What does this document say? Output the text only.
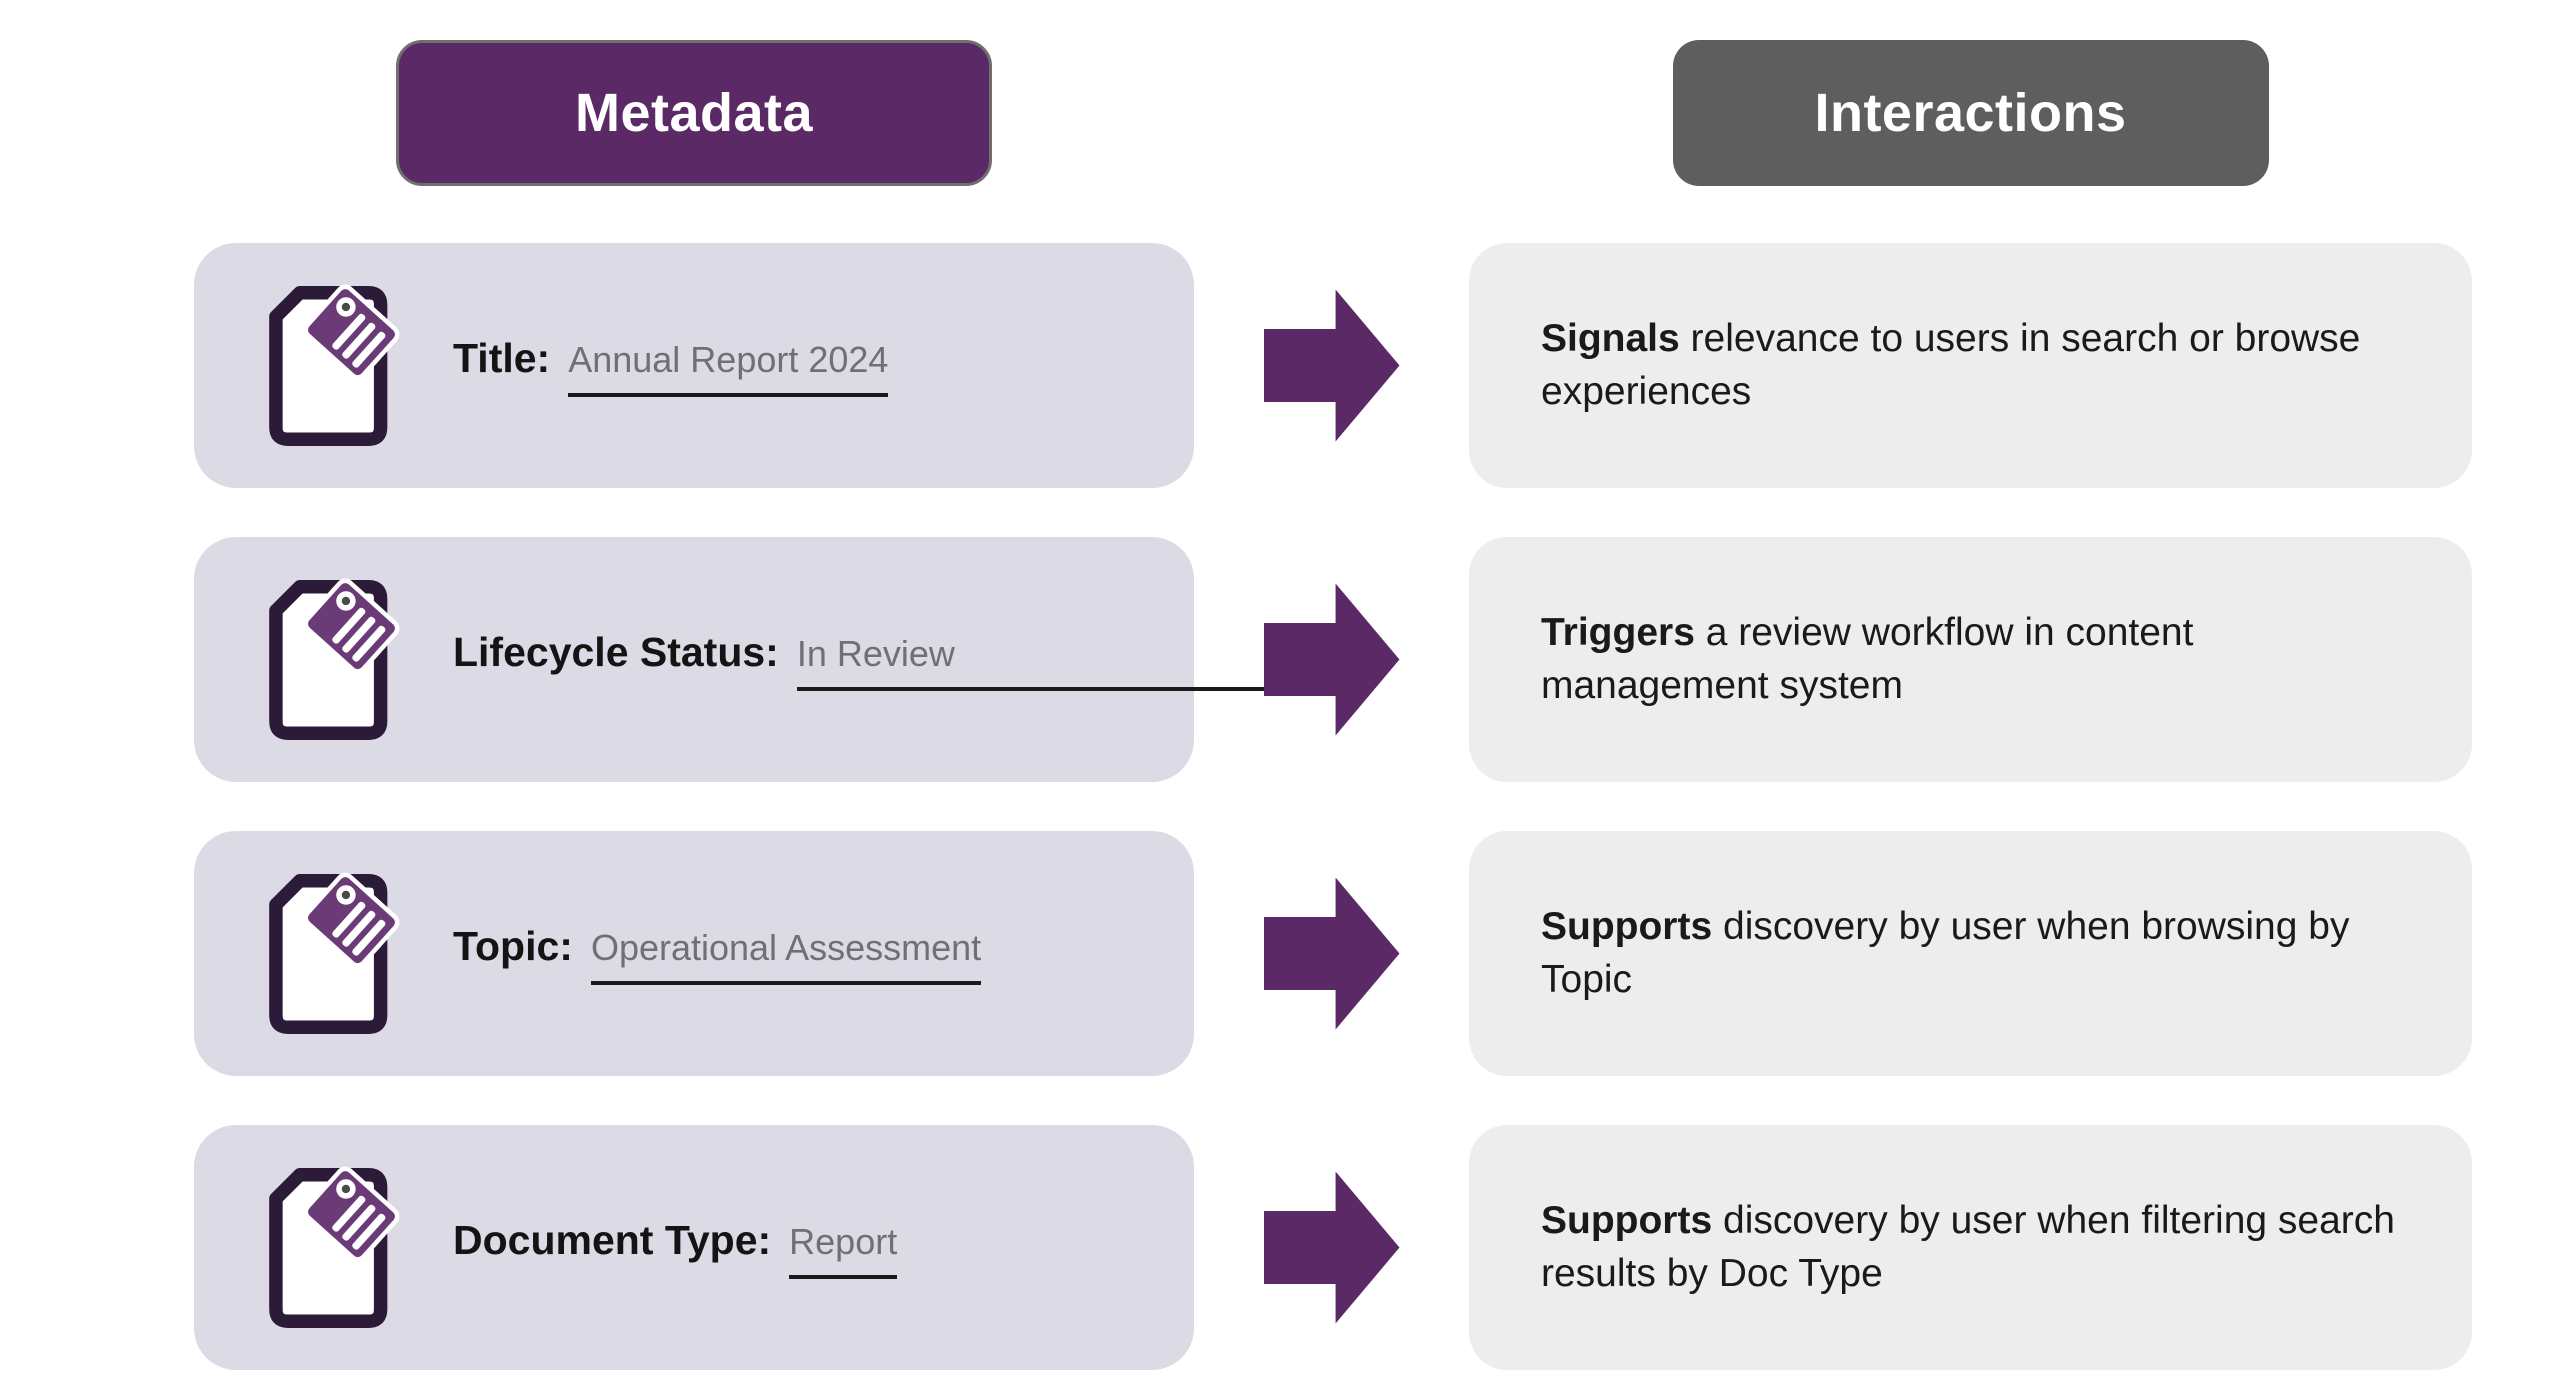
Metadata	Interactions
Title: Annual Report 2024	Signals relevance to users in search or browse experiences
Lifecycle Status: In Review	Triggers a review workflow in content management system
Topic: Operational Assessment	Supports discovery by user when browsing by Topic
Document Type: Report	Supports discovery by user when filtering search results by Doc Type
